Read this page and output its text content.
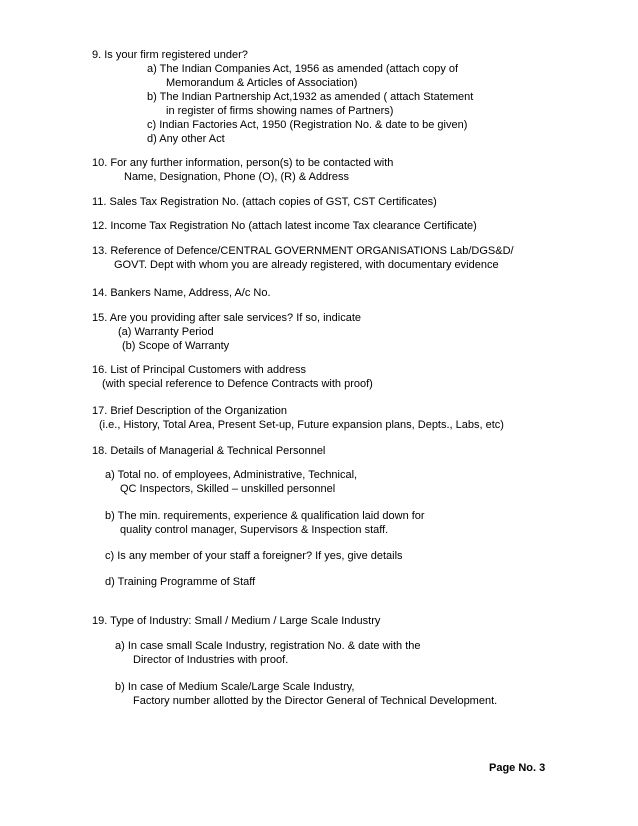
9. Is your firm registered under?
a) The Indian Companies Act, 1956 as amended (attach copy of
Memorandum & Articles of Association)
b) The Indian Partnership Act,1932 as amended ( attach Statement
in register of firms showing names of Partners)
c) Indian Factories Act, 1950 (Registration No. & date to be given)
d) Any other Act
10. For any further information, person(s) to be contacted with
Name, Designation, Phone (O), (R) & Address
11. Sales Tax Registration No. (attach copies of GST, CST Certificates)
12. Income Tax Registration No (attach latest income Tax clearance Certificate)
13. Reference of Defence/CENTRAL GOVERNMENT ORGANISATIONS Lab/DGS&D/
GOVT. Dept with whom you are already registered, with documentary evidence
14. Bankers Name, Address, A/c No.
15. Are you providing after sale services? If so, indicate
(a) Warranty Period
(b) Scope of Warranty
16. List of Principal Customers with address
(with special reference to Defence Contracts with proof)
17. Brief Description of the Organization
(i.e., History, Total Area, Present Set-up, Future expansion plans, Depts., Labs, etc)
18. Details of Managerial & Technical Personnel
a) Total no. of employees, Administrative, Technical,
QC Inspectors, Skilled – unskilled personnel
b) The min. requirements, experience & qualification laid down for
quality control manager, Supervisors & Inspection staff.
c) Is any member of your staff a foreigner? If yes, give details
d) Training Programme of Staff
19. Type of Industry: Small / Medium / Large Scale Industry
a) In case small Scale Industry, registration No. & date with the
Director of Industries with proof.
b) In case of Medium Scale/Large Scale Industry,
Factory number allotted by the Director General of Technical Development.
Page No. 3
